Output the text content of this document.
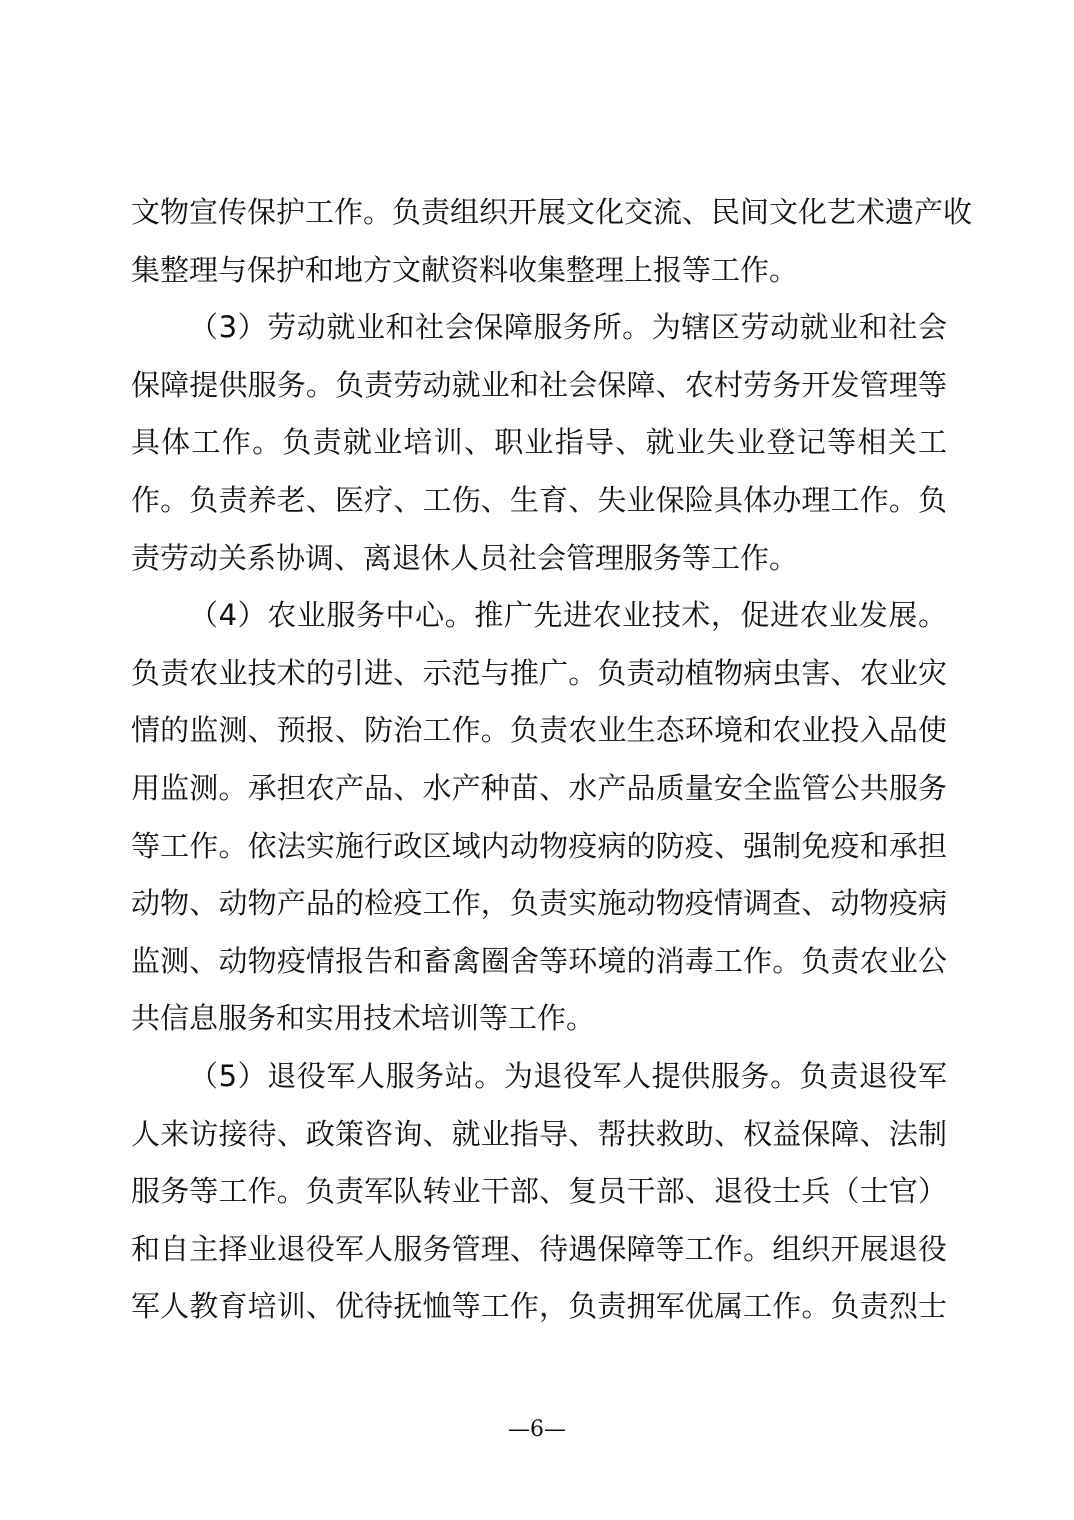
文物宣传保护工作。负责组织开展文化交流、民间文化艺术遗产收
集整理与保护和地方文献资料收集整理上报等工作。
（3）劳动就业和社会保障服务所。为辖区劳动就业和社会
保障提供服务。负责劳动就业和社会保障、农村劳务开发管理等
具体工作。负责就业培训、职业指导、就业失业登记等相关工
作。负责养老、医疗、工伤、生育、失业保险具体办理工作。负
责劳动关系协调、离退休人员社会管理服务等工作。
（4）农业服务中心。推广先进农业技术，促进农业发展。
负责农业技术的引进、示范与推广。负责动植物病虫害、农业灾
情的监测、预报、防治工作。负责农业生态环境和农业投入品使
用监测。承担农产品、水产种苗、水产品质量安全监管公共服务
等工作。依法实施行政区域内动物疫病的防疫、强制免疫和承担
动物、动物产品的检疫工作，负责实施动物疫情调查、动物疫病
监测、动物疫情报告和畜禽圈舍等环境的消毒工作。负责农业公
共信息服务和实用技术培训等工作。
（5）退役军人服务站。为退役军人提供服务。负责退役军
人来访接待、政策咨询、就业指导、帮扶救助、权益保障、法制
服务等工作。负责军队转业干部、复员干部、退役士兵（士官）
和自主择业退役军人服务管理、待遇保障等工作。组织开展退役
军人教育培训、优待抚恤等工作，负责拥军优属工作。负责烈士
—6—
